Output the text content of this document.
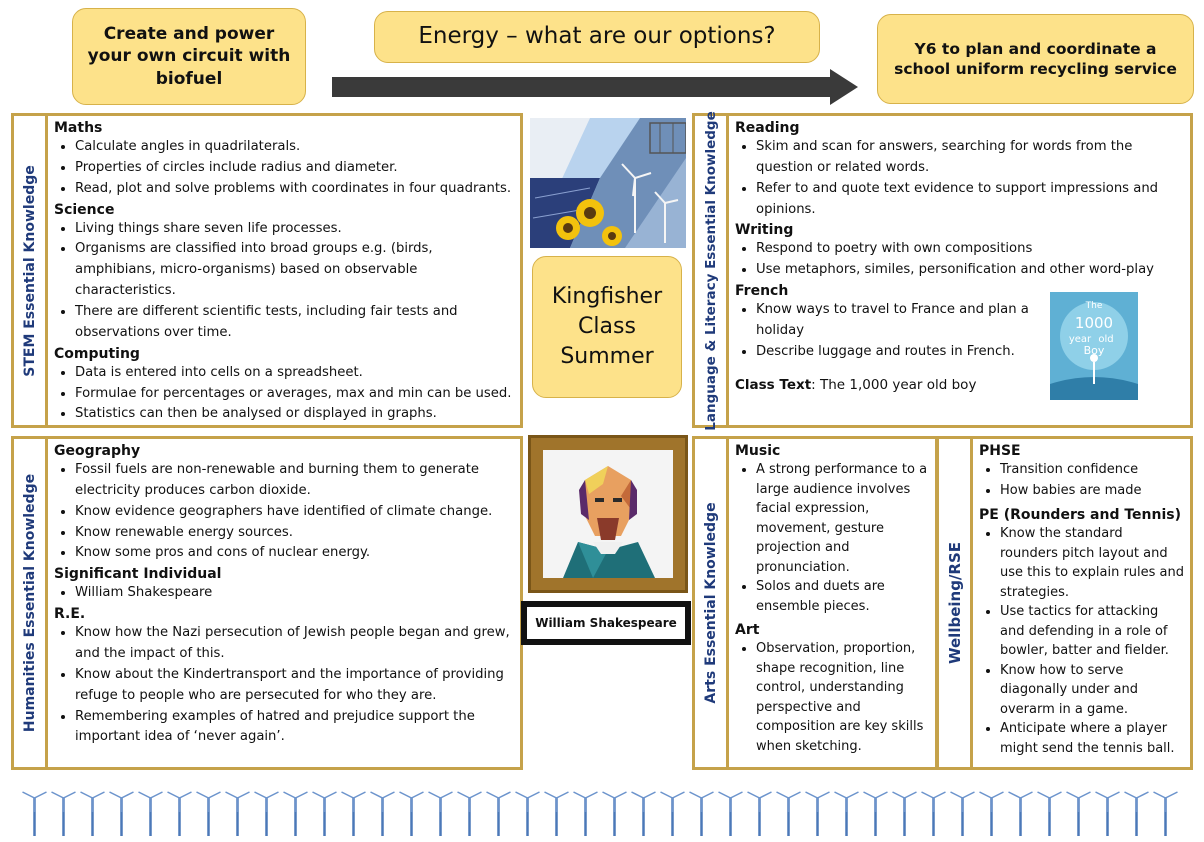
Create and power your own circuit with biofuel
Energy – what are our options?	Y6 to plan and coordinate a school uniform recycling service
STEM Essential Knowledge
Maths
• Calculate angles in quadrilaterals.
• Properties of circles include radius and diameter.
• Read, plot and solve problems with coordinates in four quadrants.
Science
• Living things share seven life processes.
• Organisms are classified into broad groups e.g. (birds, amphibians, micro-organisms) based on observable characteristics.
• There are different scientific tests, including fair tests and observations over time.
Computing
• Data is entered into cells on a spreadsheet.
• Formulae for percentages or averages, max and min can be used.
• Statistics can then be analysed or displayed in graphs.
Kingfisher
Class
Summer	Language & Literacy Essential Knowledge Reading
• Skim and scan for answers, searching for words from the question or related words.
• Refer to and quote text evidence to support impressions and opinions.
Writing
• Respond to poetry with own compositions
• Use metaphors, similes, personification and other word-play
French
• Know ways to travel to France and plan a holiday
• Describe luggage and routes in French.
Class Text: The 1,000 year old boy
The
1000
year old
Boy
Humanities Essential Knowledge
Geography
• Fossil fuels are non-renewable and burning them to generate electricity produces carbon dioxide.
• Know evidence geographers have identified of climate change.
• Know renewable energy sources.
• Know some pros and cons of nuclear energy.
Significant Individual
• William Shakespeare
R.E.
• Know how the Nazi persecution of Jewish people began and grew, and the impact of this.
• Know about the Kindertransport and the importance of providing refuge to people who are persecuted for who they are.
• Remembering examples of hatred and prejudice support the important idea of ‘never again’.
William Shakespeare Arts Essential Knowledge
Music
• A strong performance to a large audience involves facial expression, movement, gesture projection and pronunciation.
• Solos and duets are ensemble pieces.
Art
• Observation, proportion, shape recognition, line control, understanding perspective and composition are key skills when sketching.
Wellbeing/RSE
PHSE
• Transition confidence
• How babies are made
PE (Rounders and Tennis)
• Know the standard rounders pitch layout and use this to explain rules and strategies.
• Use tactics for attacking and defending in a role of bowler, batter and fielder.
• Know how to serve diagonally under and overarm in a game.
• Anticipate where a player might send the tennis ball.
